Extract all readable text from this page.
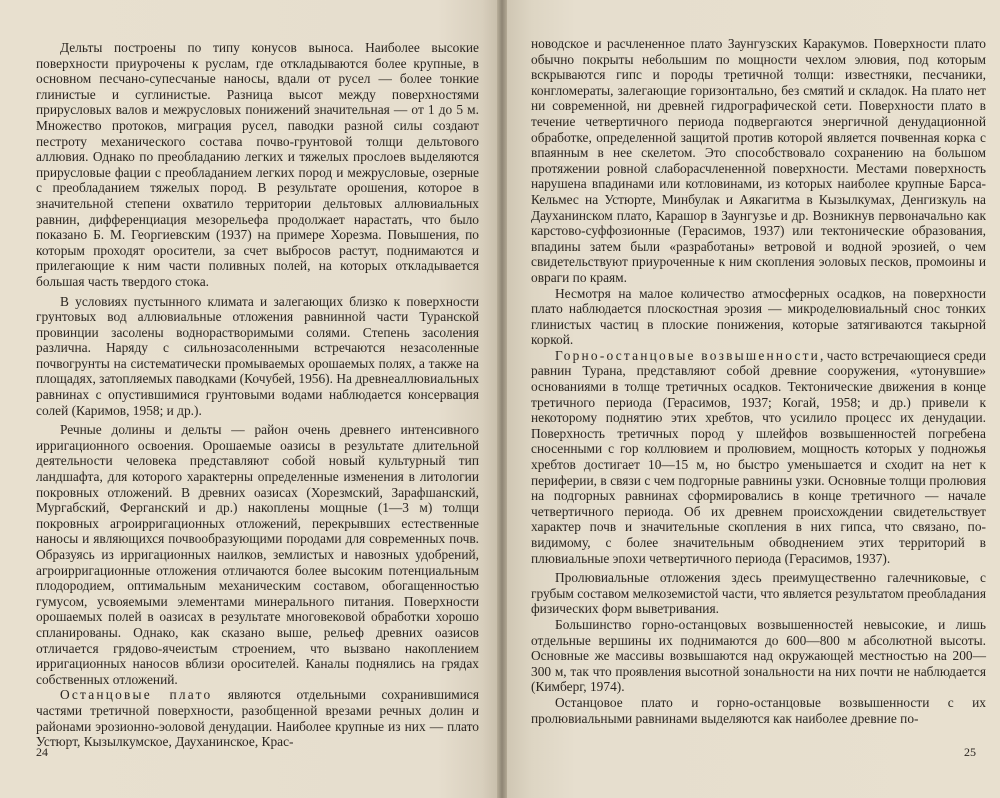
Дельты построены по типу конусов выноса. Наиболее высокие поверхности приурочены к руслам, где откладываются более крупные, в основном песчано-супесчаные наносы, вдали от русел — более тонкие глинистые и суглинистые. Разница высот между поверхностями прирусловых валов и межрусловых понижений значительная — от 1 до 5 м. Множество протоков, миграция русел, паводки разной силы создают пестроту механического состава почво-грунтовой толщи дельтового аллювия. Однако по преобладанию легких и тяжелых прослоев выделяются прирусловые фации с преобладанием легких пород и межрусловые, озерные с преобладанием тяжелых пород. В результате орошения, которое в значительной степени охватило территории дельтовых аллювиальных равнин, дифференциация мезорельефа продолжает нарастать, что было показано Б. М. Георгиевским (1937) на примере Хорезма. Повышения, по которым проходят оросители, за счет выбросов растут, поднимаются и прилегающие к ним части поливных полей, на которых откладывается большая часть твердого стока.

В условиях пустынного климата и залегающих близко к поверхности грунтовых вод аллювиальные отложения равнинной части Туранской провинции засолены воднорастворимыми солями. Степень засоления различна. Наряду с сильнозасоленными встречаются незасоленные почвогрунты на систематически промываемых орошаемых полях, а также на площадях, затопляемых паводками (Кочубей, 1956). На древнеаллювиальных равнинах с опустившимися грунтовыми водами наблюдается консервация солей (Каримов, 1958; и др.).

Речные долины и дельты — район очень древнего интенсивного ирригационного освоения. Орошаемые оазисы в результате длительной деятельности человека представляют собой новый культурный тип ландшафта, для которого характерны определенные изменения в литологии покровных отложений. В древних оазисах (Хорезмский, Зарафшанский, Мургабский, Ферганский и др.) накоплены мощные (1—3 м) толщи покровных агроирригационных отложений, перекрывших естественные наносы и являющихся почвообразующими породами для современных почв. Образуясь из ирригационных наилков, землистых и навозных удобрений, агроирригационные отложения отличаются более высоким потенциальным плодородием, оптимальным механическим составом, обогащенностью гумусом, усвояемыми элементами минерального питания. Поверхности орошаемых полей в оазисах в результате многовековой обработки хорошо спланированы. Однако, как сказано выше, рельеф древних оазисов отличается грядово-ячеистым строением, что вызвано накоплением ирригационных наносов вблизи оросителей. Каналы поднялись на грядах собственных отложений.

Останцовые плато являются отдельными сохранившимися частями третичной поверхности, разобщенной врезами речных долин и районами эрозионно-эоловой денудации. Наиболее крупные из них — плато Устюрт, Кызылкумское, Дауханинское, Крас-

24

новодское и расчлененное плато Заунгузских Каракумов. Поверхности плато обычно покрыты небольшим по мощности чехлом элювия, под которым вскрываются гипс и породы третичной толщи: известняки, песчаники, конгломераты, залегающие горизонтально, без смятий и складок. На плато нет ни современной, ни древней гидрографической сети. Поверхности плато в течение четвертичного периода подвергаются энергичной денудационной обработке, определенной защитой против которой является почвенная корка с впаянным в нее скелетом. Это способствовало сохранению на большом протяжении ровной слаборасчлененной поверхности. Местами поверхность нарушена впадинами или котловинами, из которых наиболее крупные Барса-Кельмес на Устюрте, Минбулак и Аякагитма в Кызылкумах, Денгизкуль на Дауханинском плато, Карашор в Заунгузье и др. Возникнув первоначально как карстово-суффозионные (Герасимов, 1937) или тектонические образования, впадины затем были «разработаны» ветровой и водной эрозией, о чем свидетельствуют приуроченные к ним скопления эоловых песков, промоины и овраги по краям.

Несмотря на малое количество атмосферных осадков, на поверхности плато наблюдается плоскостная эрозия — микроделювиальный снос тонких глинистых частиц в плоские понижения, которые затягиваются такырной коркой.

Горно-останцовые возвышенности, часто встречающиеся среди равнин Турана, представляют собой древние сооружения, «утонувшие» основаниями в толще третичных осадков. Тектонические движения в конце третичного периода (Герасимов, 1937; Когай, 1958; и др.) привели к некоторому поднятию этих хребтов, что усилило процесс их денудации. Поверхность третичных пород у шлейфов возвышенностей погребена сносенными с гор коллювием и пролювием, мощность которых у подножья хребтов достигает 10—15 м, но быстро уменьшается и сходит на нет к периферии, в связи с чем подгорные равнины узки. Основные толщи пролювия на подгорных равнинах сформировались в конце третичного — начале четвертичного периода. Об их древнем происхождении свидетельствует характер почв и значительные скопления в них гипса, что связано, по-видимому, с более значительным обводнением этих территорий в плювиальные эпохи четвертичного периода (Герасимов, 1937).

Пролювиальные отложения здесь преимущественно галечниковые, с грубым составом мелкоземистой части, что является результатом преобладания физических форм выветривания.

Большинство горно-останцовых возвышенностей невысокие, и лишь отдельные вершины их поднимаются до 600—800 м абсолютной высоты. Основные же массивы возвышаются над окружающей местностью на 200—300 м, так что проявления высотной зональности на них почти не наблюдается (Кимберг, 1974).

Останцовое плато и горно-останцовые возвышенности с их пролювиальными равнинами выделяются как наиболее древние по-

25
